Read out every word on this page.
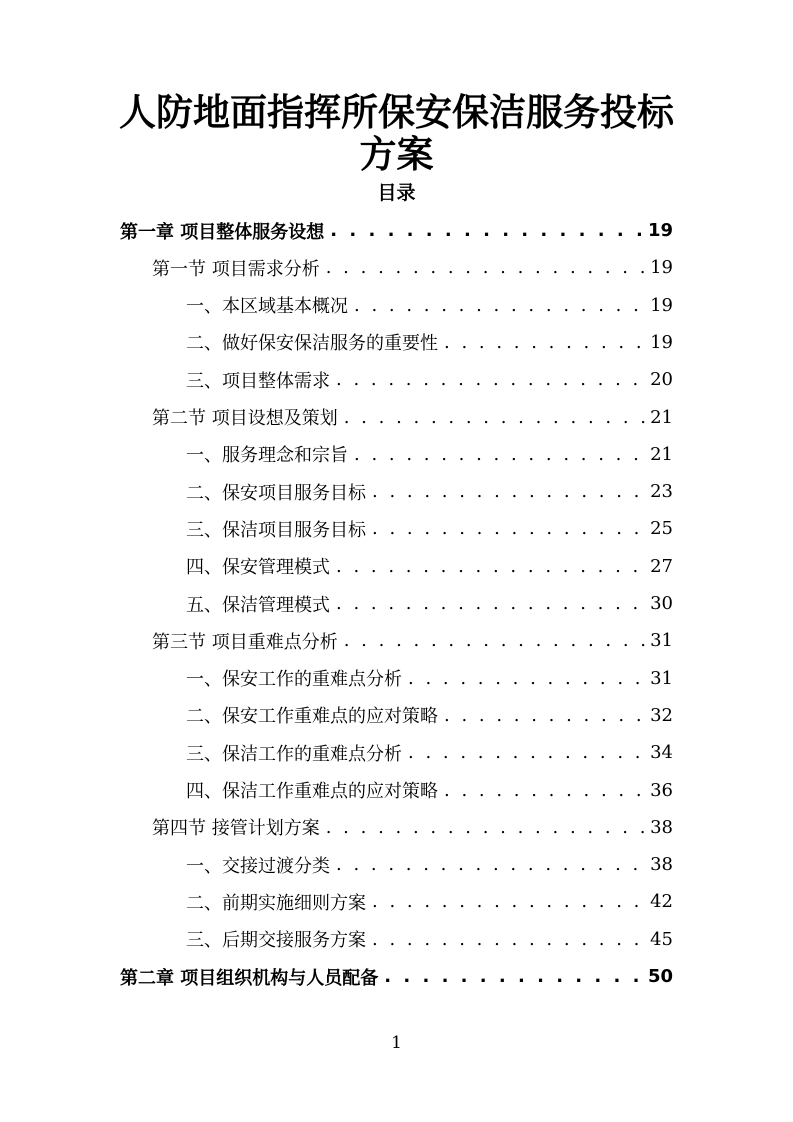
人防地面指挥所保安保洁服务投标
方案
目录
第一章 项目整体服务设想 . . .	19
第一节 项目需求分析 . . .	19
一、本区域基本概况 . . .	19
二、做好保安保洁服务的重要性 . . .	19
三、项目整体需求 . . .	20
第二节 项目设想及策划 . . .	21
一、服务理念和宗旨 . . .	21
二、保安项目服务目标 . . .	23
三、保洁项目服务目标 . . .	25
四、保安管理模式 . . .	27
五、保洁管理模式 . . .	30
第三节 项目重难点分析 . . .	31
一、保安工作的重难点分析 . . .	31
二、保安工作重难点的应对策略 . . .	32
三、保洁工作的重难点分析 . . .	34
四、保洁工作重难点的应对策略 . . .	36
第四节 接管计划方案 . . .	38
一、交接过渡分类 . . .	38
二、前期实施细则方案 . . .	42
三、后期交接服务方案 . . .	45
第二章 项目组织机构与人员配备 . . .	50
1
